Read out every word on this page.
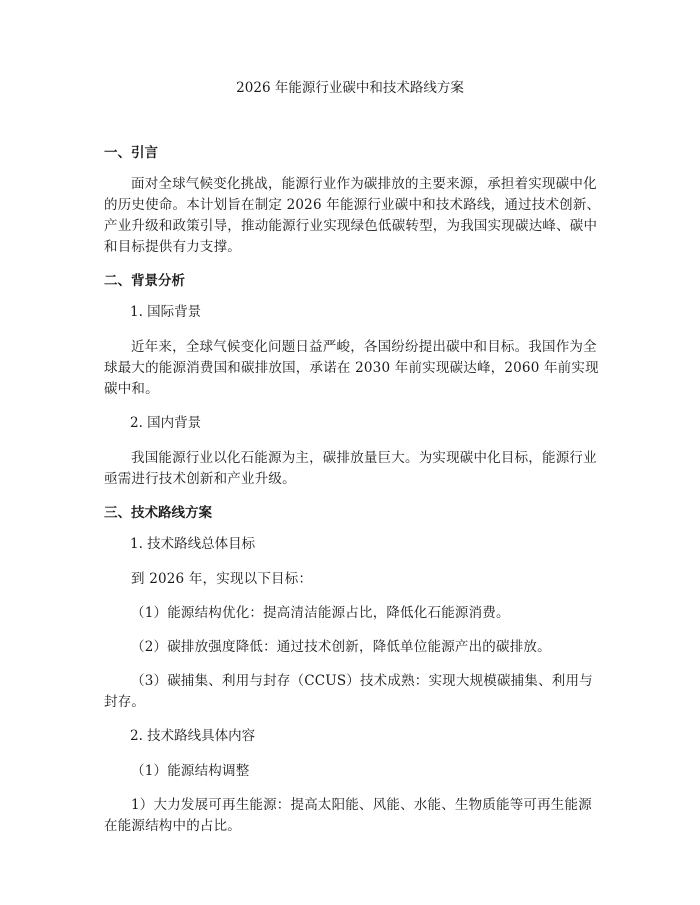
2026 年能源行业碳中和技术路线方案
一、引言
面对全球气候变化挑战，能源行业作为碳排放的主要来源，承担着实现碳中化的历史使命。本计划旨在制定 2026 年能源行业碳中和技术路线，通过技术创新、产业升级和政策引导，推动能源行业实现绿色低碳转型，为我国实现碳达峰、碳中和目标提供有力支撑。
二、背景分析
1. 国际背景
近年来，全球气候变化问题日益严峻，各国纷纷提出碳中和目标。我国作为全球最大的能源消费国和碳排放国，承诺在 2030 年前实现碳达峰，2060 年前实现碳中和。
2. 国内背景
我国能源行业以化石能源为主，碳排放量巨大。为实现碳中化目标，能源行业亟需进行技术创新和产业升级。
三、技术路线方案
1. 技术路线总体目标
到 2026 年，实现以下目标：
（1）能源结构优化：提高清洁能源占比，降低化石能源消费。
（2）碳排放强度降低：通过技术创新，降低单位能源产出的碳排放。
（3）碳捕集、利用与封存（CCUS）技术成熟：实现大规模碳捕集、利用与封存。
2. 技术路线具体内容
（1）能源结构调整
1）大力发展可再生能源：提高太阳能、风能、水能、生物质能等可再生能源在能源结构中的占比。
